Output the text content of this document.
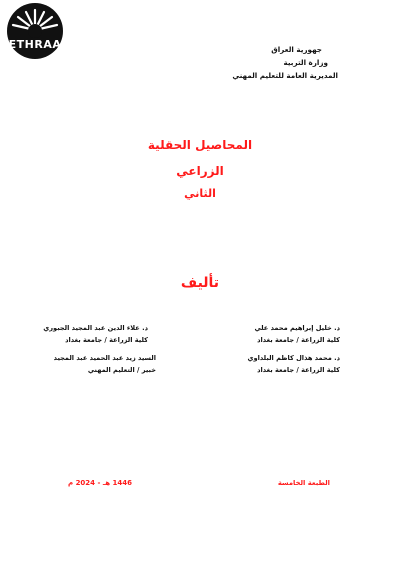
ETHRAA	جهورية العراق
وزارة التربية
المديرية العامة للتعليم المهني
المحاصيل الحقلية
الزراعي
الثاني
تأليف
د. خليل إبراهيم محمد علي
كلية الزراعة / جامعة بغداد
د. علاء الدين عبد المجيد الجبوري
كلية الزراعة / جامعة بغداد
د. محمد هذال كاظم البلداوي
كلية الزراعة / جامعة بغداد
السيد زيد عبد الحميد عبد المجيد
خبير / التعليم المهني
الطبعة الخامسة
1446 هـ - 2024 م
